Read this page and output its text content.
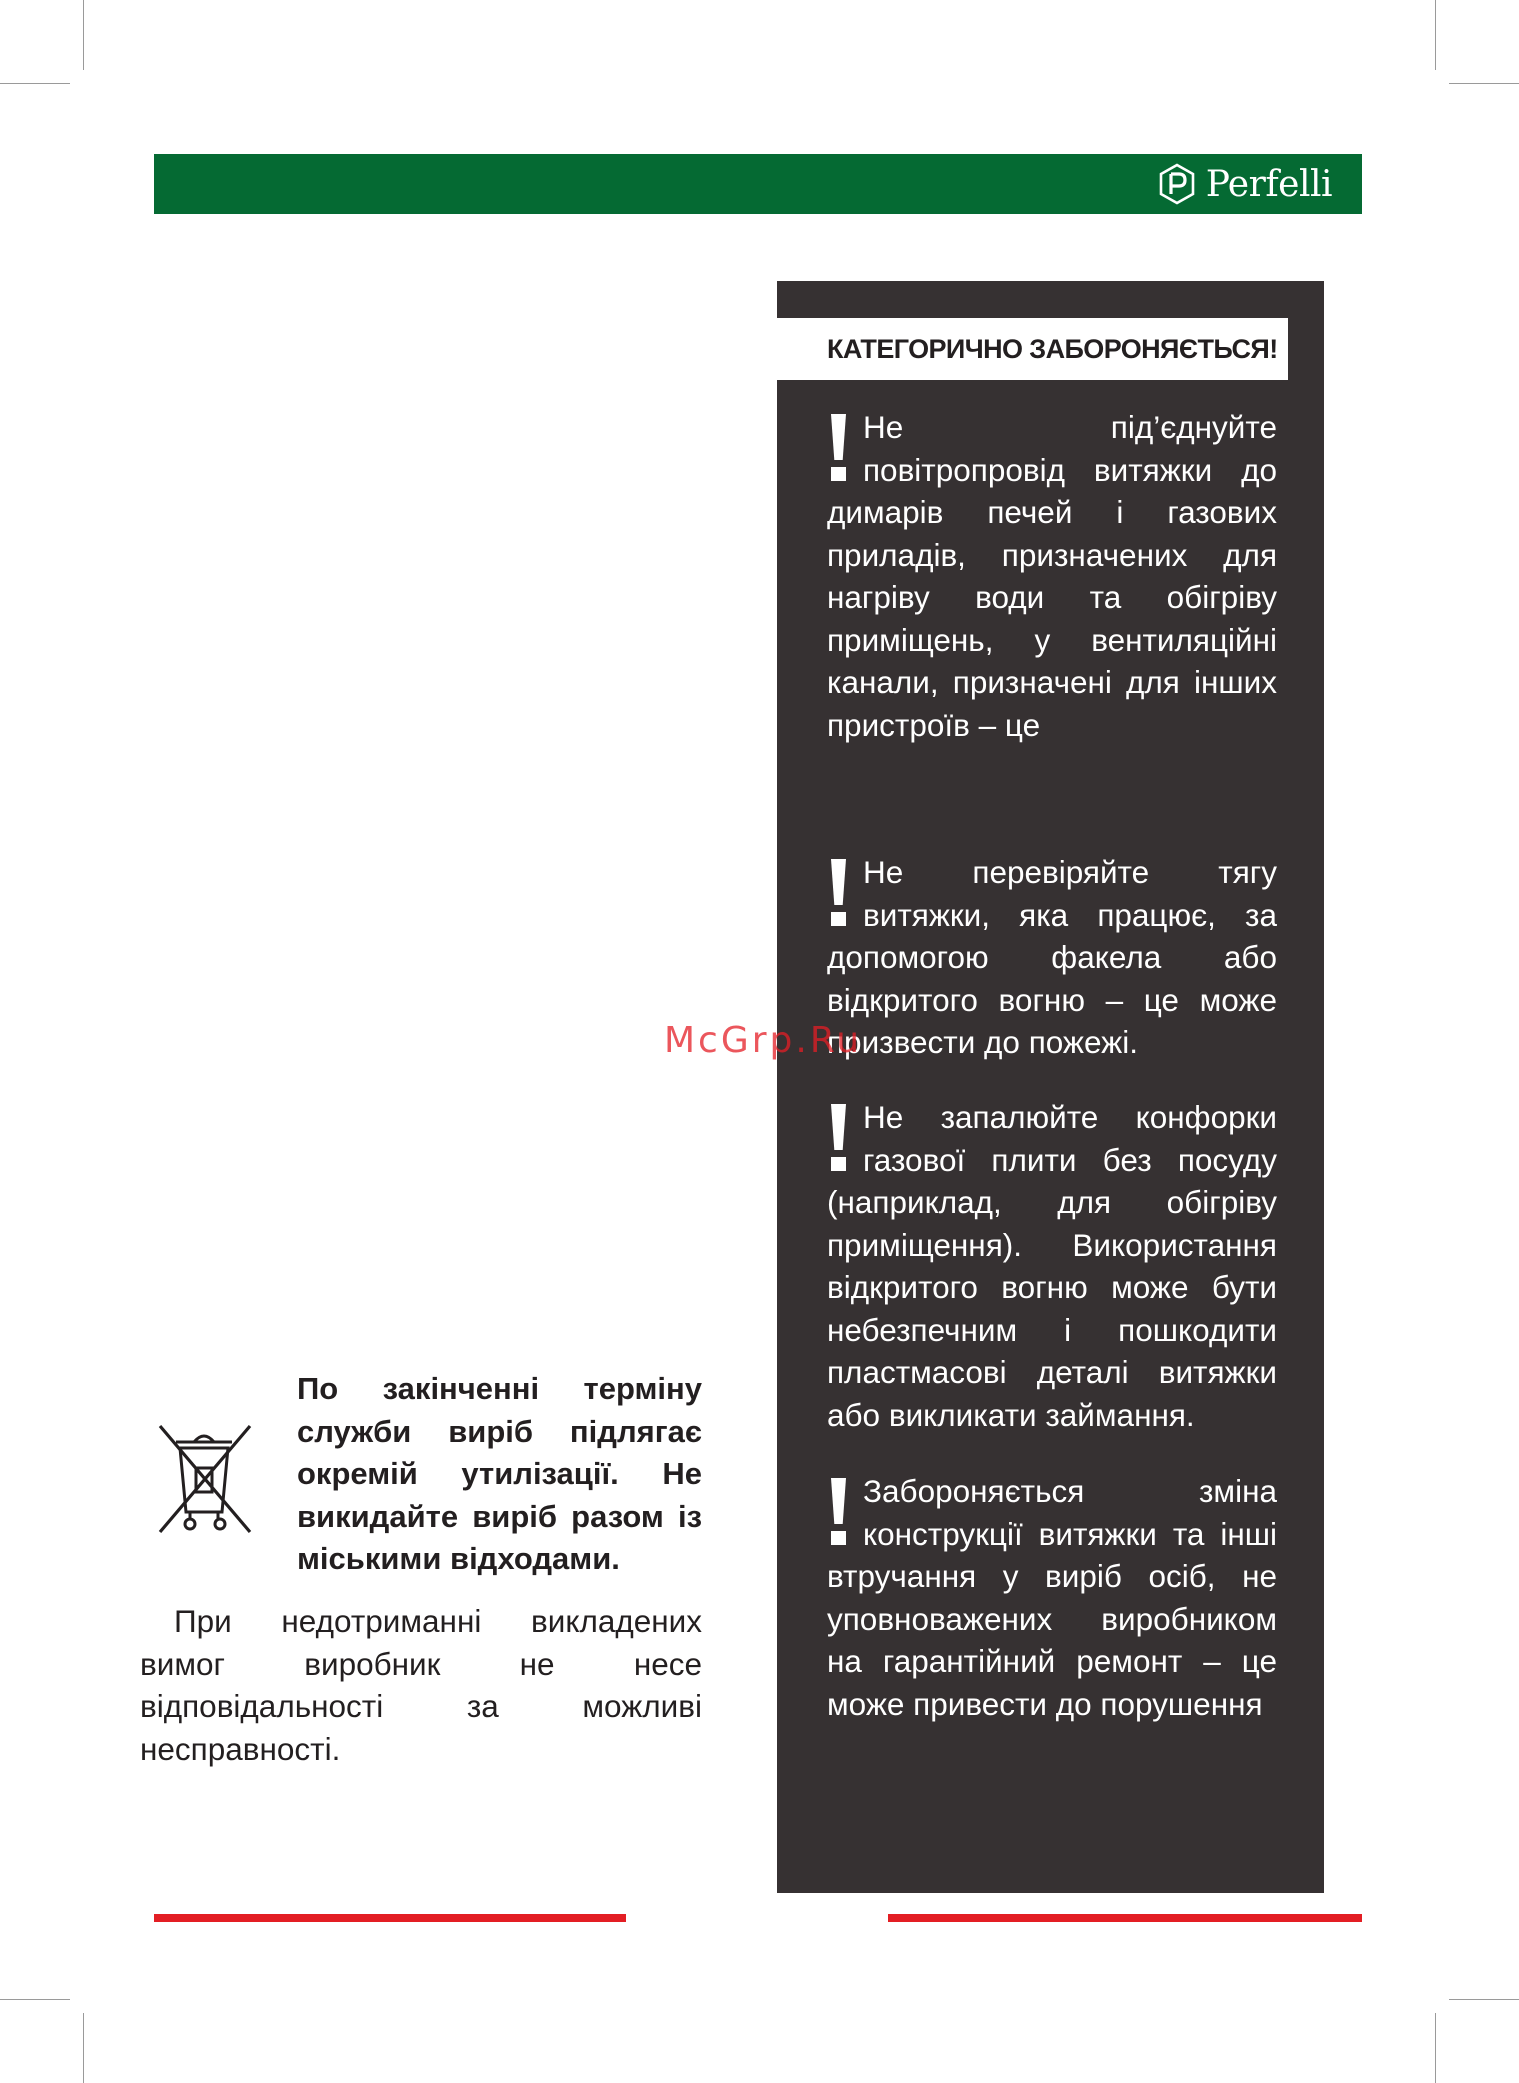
Perfelli
КАТЕГОРИЧНО ЗАБОРОНЯЄТЬСЯ!
Не під’єднуйте повітропровід витяжки до димарів печей і газових приладів, призначених для нагріву води та обігріву приміщень, у вентиляційні канали, призначені для інших пристроїв – це
Не перевіряйте тягу витяжки, яка працює, за допомогою факела або відкритого вогню – це може призвести до пожежі.
Не запалюйте конфорки газової плити без посуду (наприклад, для обігріву приміщення). Використання відкритого вогню може бути небезпечним і пошкодити пластмасові деталі витяжки або викликати займання.
Забороняється зміна конструкції витяжки та інші втручання у виріб осіб, не уповноважених виробником на гарантійний ремонт – це може привести до порушення
McGrp.Ru
По закінченні терміну служби виріб підлягає окремій утилізації. Не викидайте виріб разом із міськими відходами.
При недотриманні викладених вимог виробник не несе відповідальності за можливі несправності.
